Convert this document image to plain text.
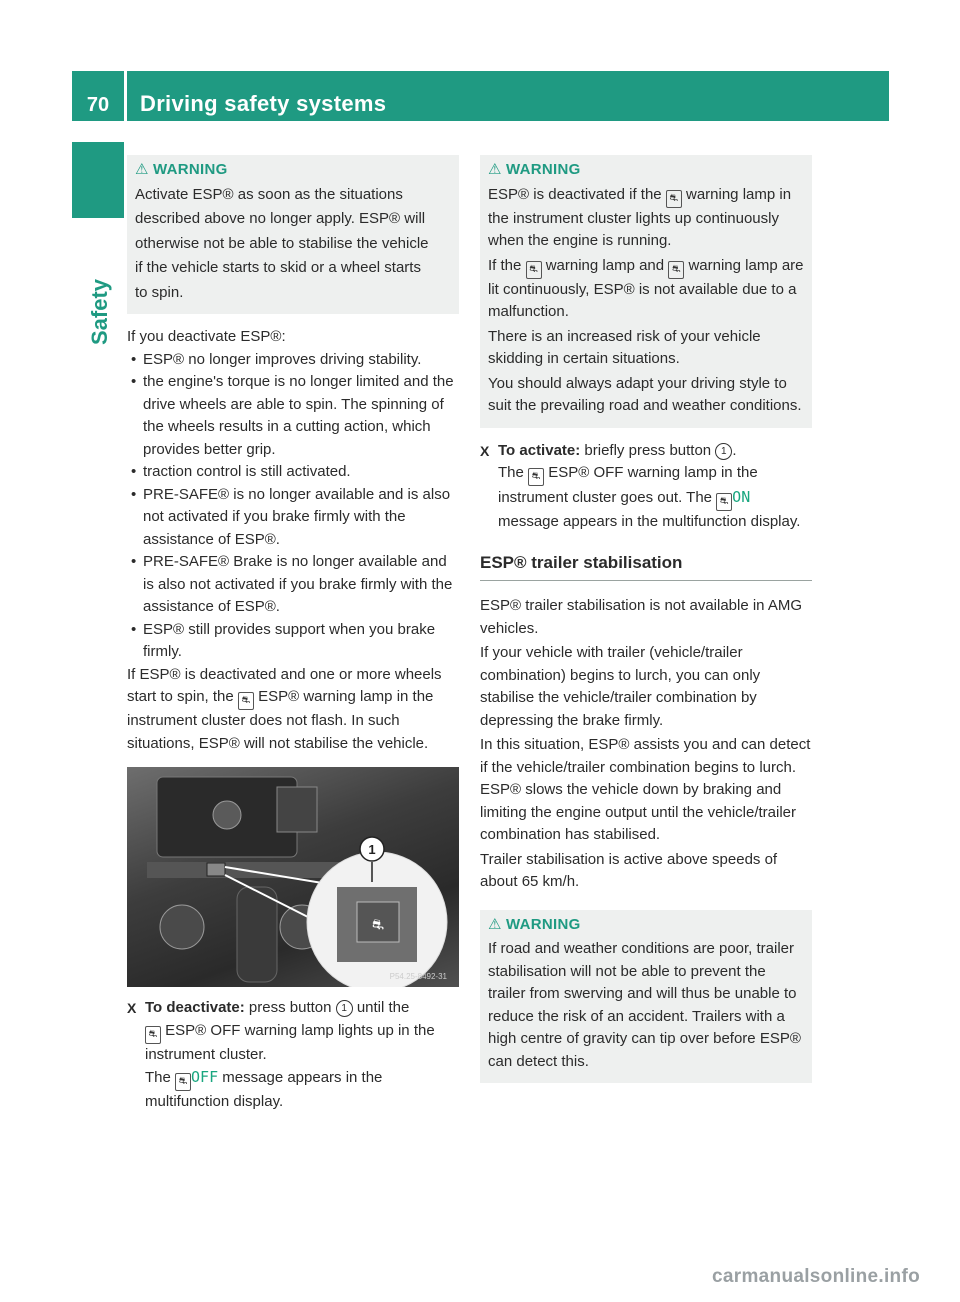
70	Driving safety systems
Safety
⚠ WARNING

Activate ESP® as soon as the situations

described above no longer apply. ESP® will

otherwise not be able to stabilise the vehicle

if the vehicle starts to skid or a wheel starts

to spin.

If you deactivate ESP®:

• ESP® no longer improves driving stability.
• the engine's torque is no longer limited and the drive wheels are able to spin. The spinning of the wheels results in a cutting action, which provides better grip.
• traction control is still activated.
• PRE-SAFE® is no longer available and is also not activated if you brake firmly with the assistance of ESP®.
• PRE-SAFE® Brake is no longer available and is also not activated if you brake firmly with the assistance of ESP®.
• ESP® still provides support when you brake firmly.

If ESP® is deactivated and one or more wheels start to spin, the ⛐ ESP® warning lamp in the instrument cluster does not flash. In such situations, ESP® will not stabilise the vehicle.

⛐
1
P54.25-8492-31
X To deactivate: press button 1 until the
⛐ ESP® OFF warning lamp lights up in the instrument cluster.
The ⛐ OFF message appears in the multifunction display.
⚠ WARNING

ESP® is deactivated if the ⛐ warning lamp in the instrument cluster lights up continuously when the engine is running.

If the ⛐ warning lamp and ⛐ warning lamp are lit continuously, ESP® is not available due to a malfunction.

There is an increased risk of your vehicle skidding in certain situations.

You should always adapt your driving style to suit the prevailing road and weather conditions.

X To activate: briefly press button 1 .
The ⛐ ESP® OFF warning lamp in the instrument cluster goes out. The ⛐ ON message appears in the multifunction display.
ESP® trailer stabilisation

ESP® trailer stabilisation is not available in AMG vehicles.

If your vehicle with trailer (vehicle/trailer combination) begins to lurch, you can only stabilise the vehicle/trailer combination by depressing the brake firmly.

In this situation, ESP® assists you and can detect if the vehicle/trailer combination begins to lurch. ESP® slows the vehicle down by braking and limiting the engine output until the vehicle/trailer combination has stabilised.

Trailer stabilisation is active above speeds of about 65 km/h.

⚠ WARNING

If road and weather conditions are poor, trailer stabilisation will not be able to prevent the trailer from swerving and will thus be unable to reduce the risk of an accident. Trailers with a high centre of gravity can tip over before ESP® can detect this.

carmanualsonline.info
